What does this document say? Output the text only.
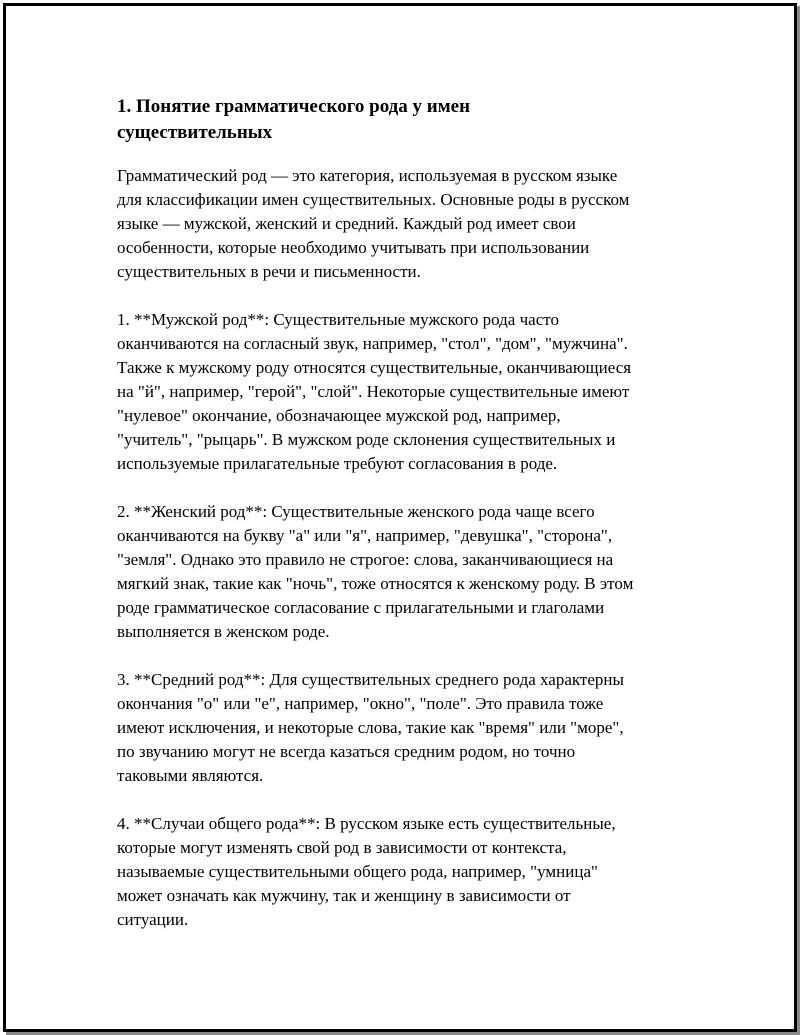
1. Понятие грамматического рода у имен
существительных
Грамматический род — это категория, используемая в русском языке
для классификации имен существительных. Основные роды в русском
языке — мужской, женский и средний. Каждый род имеет свои
особенности, которые необходимо учитывать при использовании
существительных в речи и письменности.
1. **Мужской род**: Существительные мужского рода часто
оканчиваются на согласный звук, например, "стол", "дом", "мужчина".
Также к мужскому роду относятся существительные, оканчивающиеся
на "й", например, "герой", "слой". Некоторые существительные имеют
"нулевое" окончание, обозначающее мужской род, например,
"учитель", "рыцарь". В мужском роде склонения существительных и
используемые прилагательные требуют согласования в роде.
2. **Женский род**: Существительные женского рода чаще всего
оканчиваются на букву "а" или "я", например, "девушка", "сторона",
"земля". Однако это правило не строгое: слова, заканчивающиеся на
мягкий знак, такие как "ночь", тоже относятся к женскому роду. В этом
роде грамматическое согласование с прилагательными и глаголами
выполняется в женском роде.
3. **Средний род**: Для существительных среднего рода характерны
окончания "о" или "е", например, "окно", "поле". Это правила тоже
имеют исключения, и некоторые слова, такие как "время" или "море",
по звучанию могут не всегда казаться средним родом, но точно
таковыми являются.
4. **Случаи общего рода**: В русском языке есть существительные,
которые могут изменять свой род в зависимости от контекста,
называемые существительными общего рода, например, "умница"
может означать как мужчину, так и женщину в зависимости от
ситуации.
